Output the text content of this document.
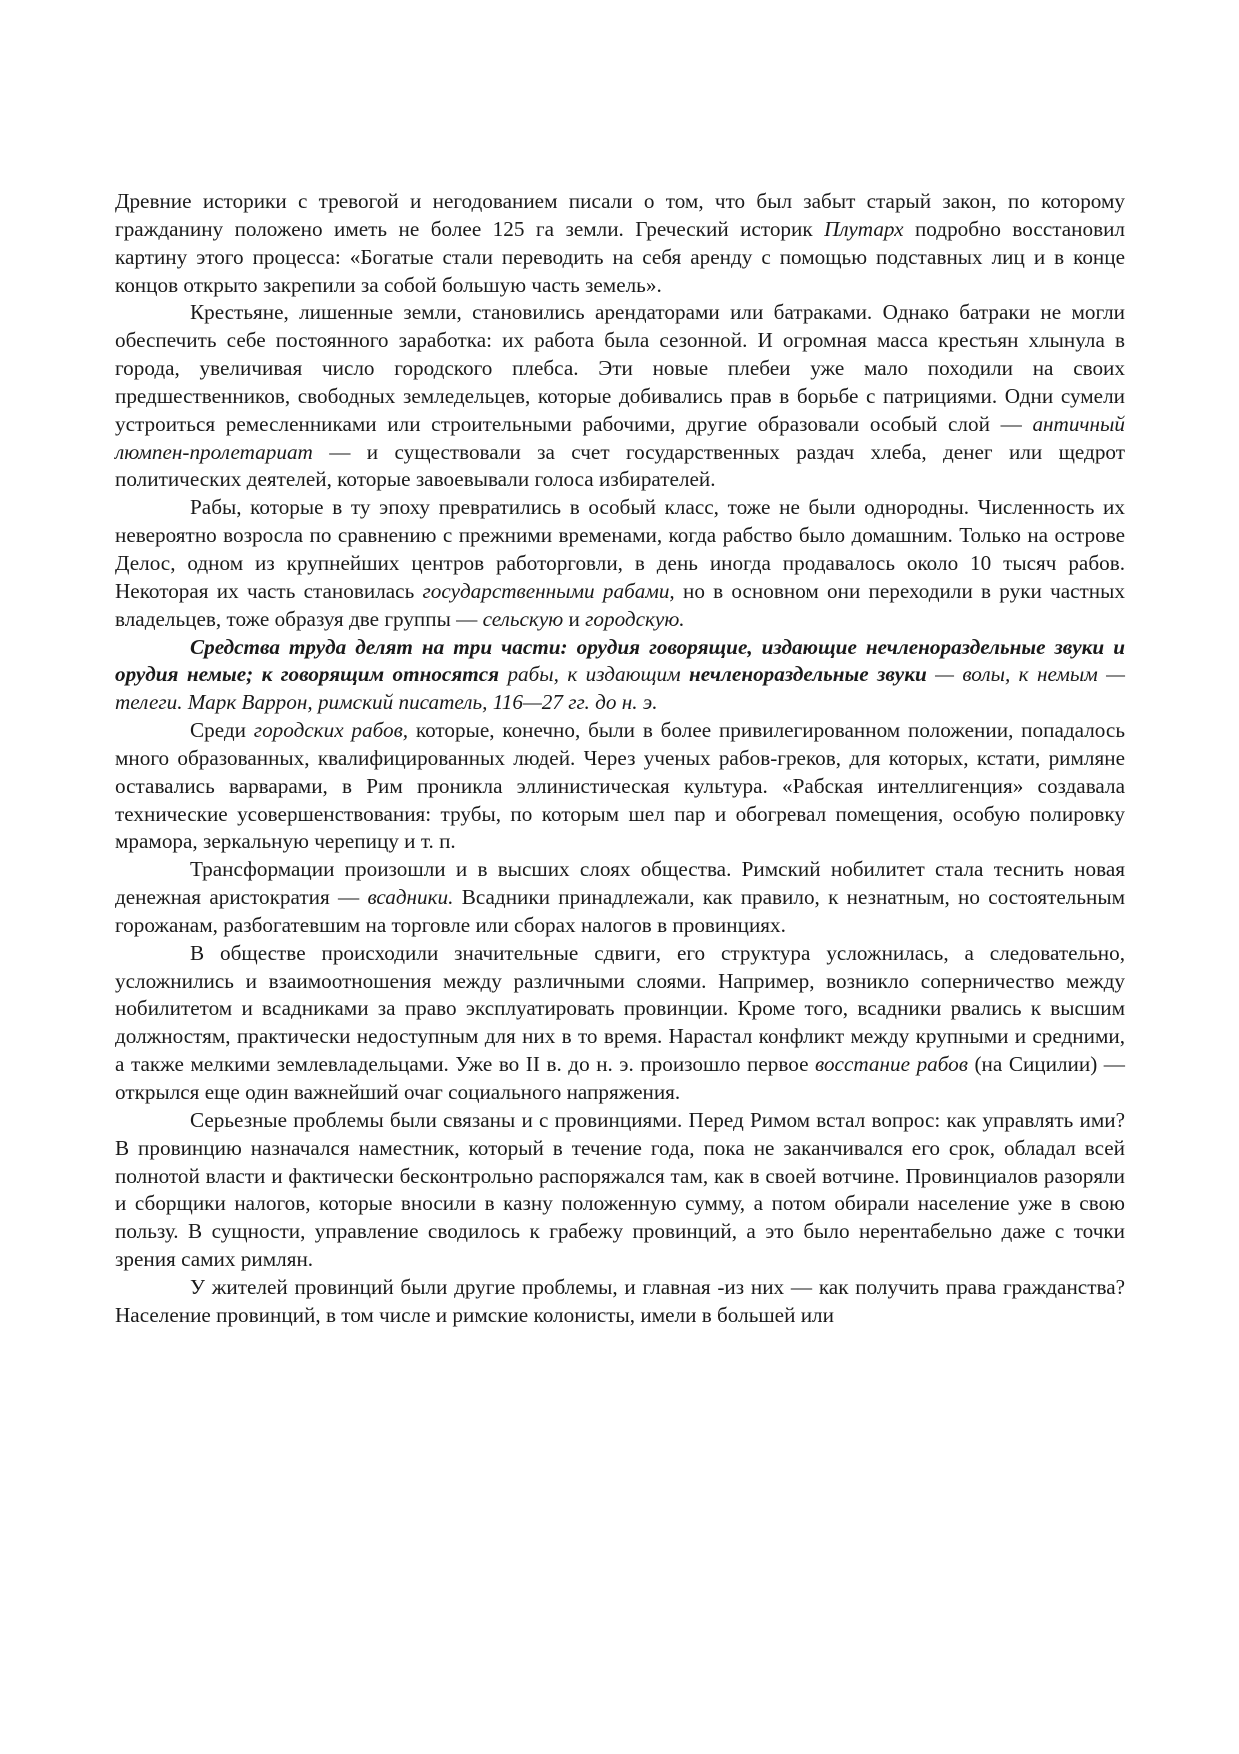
Древние историки с тревогой и негодованием писали о том, что был забыт старый закон, по которому гражданину положено иметь не более 125 га земли. Греческий историк Плутарх подробно восстановил картину этого процесса: «Богатые стали переводить на себя аренду с помощью подставных лиц и в конце концов открыто закрепили за собой большую часть земель».

Крестьяне, лишенные земли, становились арендаторами или батраками. Однако батраки не могли обеспечить себе постоянного заработка: их работа была сезонной. И огромная масса крестьян хлынула в города, увеличивая число городского плебса. Эти новые плебеи уже мало походили на своих предшественников, свободных земледельцев, которые добивались прав в борьбе с патрициями. Одни сумели устроиться ремесленниками или строительными рабочими, другие образовали особый слой — античный люмпен-пролетариат — и существовали за счет государственных раздач хлеба, денег или щедрот политических деятелей, которые завоевывали голоса избирателей.

Рабы, которые в ту эпоху превратились в особый класс, тоже не были однородны. Численность их невероятно возросла по сравнению с прежними временами, когда рабство было домашним. Только на острове Делос, одном из крупнейших центров работорговли, в день иногда продавалось около 10 тысяч рабов. Некоторая их часть становилась государственными рабами, но в основном они переходили в руки частных владельцев, тоже образуя две группы — сельскую и городскую.

Средства труда делят на три части: орудия говорящие, издающие нечленораздельные звуки и орудия немые; к говорящим относятся рабы, к издающим нечленораздельные звуки — волы, к немым — телеги. Марк Варрон, римский писатель, 116—27 гг. до н. э.

Среди городских рабов, которые, конечно, были в более привилегированном положении, попадалось много образованных, квалифицированных людей. Через ученых рабов-греков, для которых, кстати, римляне оставались варварами, в Рим проникла эллинистическая культура. «Рабская интеллигенция» создавала технические усовершенствования: трубы, по которым шел пар и обогревал помещения, особую полировку мрамора, зеркальную черепицу и т. п.

Трансформации произошли и в высших слоях общества. Римский нобилитет стала теснить новая денежная аристократия — всадники. Всадники принадлежали, как правило, к незнатным, но состоятельным горожанам, разбогатевшим на торговле или сборах налогов в провинциях.

В обществе происходили значительные сдвиги, его структура усложнилась, а следовательно, усложнились и взаимоотношения между различными слоями. Например, возникло соперничество между нобилитетом и всадниками за право эксплуатировать провинции. Кроме того, всадники рвались к высшим должностям, практически недоступным для них в то время. Нарастал конфликт между крупными и средними, а также мелкими землевладельцами. Уже во II в. до н. э. произошло первое восстание рабов (на Сицилии) — открылся еще один важнейший очаг социального напряжения.

Серьезные проблемы были связаны и с провинциями. Перед Римом встал вопрос: как управлять ими? В провинцию назначался наместник, который в течение года, пока не заканчивался его срок, обладал всей полнотой власти и фактически бесконтрольно распоряжался там, как в своей вотчине. Провинциалов разоряли и сборщики налогов, которые вносили в казну положенную сумму, а потом обирали население уже в свою пользу. В сущности, управление сводилось к грабежу провинций, а это было нерентабельно даже с точки зрения самих римлян.

У жителей провинций были другие проблемы, и главная -из них — как получить права гражданства? Население провинций, в том числе и римские колонисты, имели в большей или
